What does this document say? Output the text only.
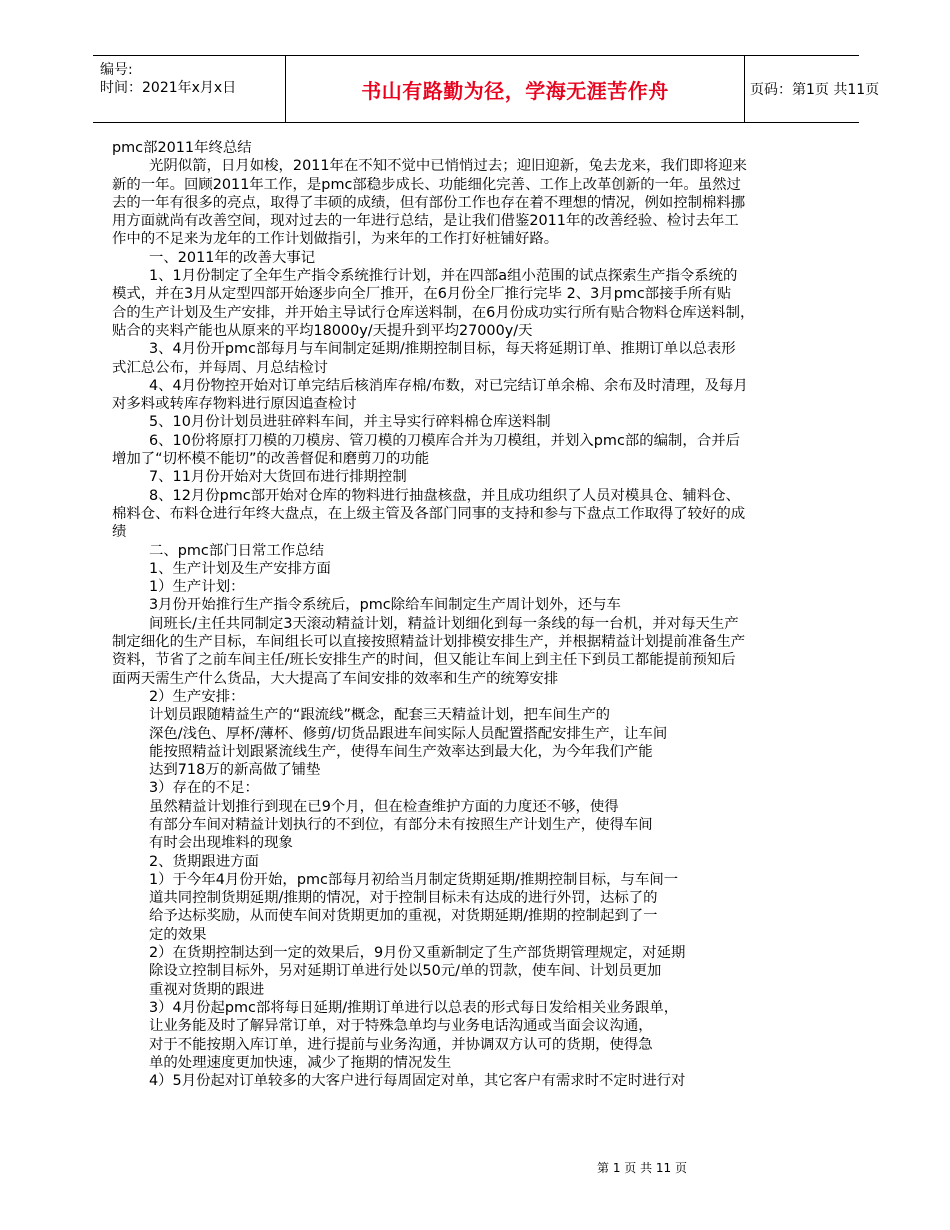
编号:
时间：2021年x月x日	书山有路勤为径，学海无涯苦作舟	页码：第1页 共11页
pmc部2011年终总结
光阴似箭，日月如梭，2011年在不知不觉中已悄悄过去；迎旧迎新，兔去龙来，我们即将迎来
新的一年。回顾2011年工作，是pmc部稳步成长、功能细化完善、工作上改革创新的一年。虽然过
去的一年有很多的亮点，取得了丰硕的成绩，但有部份工作也存在着不理想的情况，例如控制棉料挪
用方面就尚有改善空间，现对过去的一年进行总结，是让我们借鉴2011年的改善经验、检讨去年工
作中的不足来为龙年的工作计划做指引，为来年的工作打好桩铺好路。
一、2011年的改善大事记
1、1月份制定了全年生产指令系统推行计划，并在四部a组小范围的试点探索生产指令系统的
模式，并在3月从定型四部开始逐步向全厂推开，在6月份全厂推行完毕 2、3月pmc部接手所有贴
合的生产计划及生产安排，并开始主导试行仓库送料制，在6月份成功实行所有贴合物料仓库送料制，
贴合的夹料产能也从原来的平均18000y/天提升到平均27000y/天
3、4月份开pmc部每月与车间制定延期/推期控制目标，每天将延期订单、推期订单以总表形
式汇总公布，并每周、月总结检讨
4、4月份物控开始对订单完结后核消库存棉/布数，对已完结订单余棉、余布及时清理，及每月
对多料或转库存物料进行原因追查检讨
5、10月份计划员进驻碎料车间，并主导实行碎料棉仓库送料制
6、10份将原打刀模的刀模房、管刀模的刀模库合并为刀模组，并划入pmc部的编制，合并后
增加了“切杯模不能切”的改善督促和磨剪刀的功能
7、11月份开始对大货回布进行排期控制
8、12月份pmc部开始对仓库的物料进行抽盘核盘，并且成功组织了人员对模具仓、辅料仓、
棉料仓、布料仓进行年终大盘点，在上级主管及各部门同事的支持和参与下盘点工作取得了较好的成
绩
二、pmc部门日常工作总结
1、生产计划及生产安排方面
1）生产计划：
3月份开始推行生产指令系统后，pmc除给车间制定生产周计划外，还与车
间班长/主任共同制定3天滚动精益计划，精益计划细化到每一条线的每一台机，并对每天生产
制定细化的生产目标，车间组长可以直接按照精益计划排模安排生产，并根据精益计划提前准备生产
资料，节省了之前车间主任/班长安排生产的时间，但又能让车间上到主任下到员工都能提前预知后
面两天需生产什么货品，大大提高了车间安排的效率和生产的统筹安排
2）生产安排：
计划员跟随精益生产的“跟流线”概念，配套三天精益计划，把车间生产的
深色/浅色、厚杯/薄杯、修剪/切货品跟进车间实际人员配置搭配安排生产，让车间
能按照精益计划跟紧流线生产，使得车间生产效率达到最大化，为今年我们产能
达到718万的新高做了铺垫
3）存在的不足：
虽然精益计划推行到现在已9个月，但在检查维护方面的力度还不够，使得
有部分车间对精益计划执行的不到位，有部分未有按照生产计划生产，使得车间
有时会出现堆料的现象
2、货期跟进方面
1）于今年4月份开始，pmc部每月初给当月制定货期延期/推期控制目标，与车间一
道共同控制货期延期/推期的情况，对于控制目标未有达成的进行外罚，达标了的
给予达标奖励，从而使车间对货期更加的重视，对货期延期/推期的控制起到了一
定的效果
2）在货期控制达到一定的效果后，9月份又重新制定了生产部货期管理规定，对延期
除设立控制目标外，另对延期订单进行处以50元/单的罚款，使车间、计划员更加
重视对货期的跟进
3）4月份起pmc部将每日延期/推期订单进行以总表的形式每日发给相关业务跟单，
让业务能及时了解异常订单，对于特殊急单均与业务电话沟通或当面会议沟通，
对于不能按期入库订单，进行提前与业务沟通，并协调双方认可的货期，使得急
单的处理速度更加快速，减少了拖期的情况发生
4）5月份起对订单较多的大客户进行每周固定对单，其它客户有需求时不定时进行对
第 1 页 共 11 页
